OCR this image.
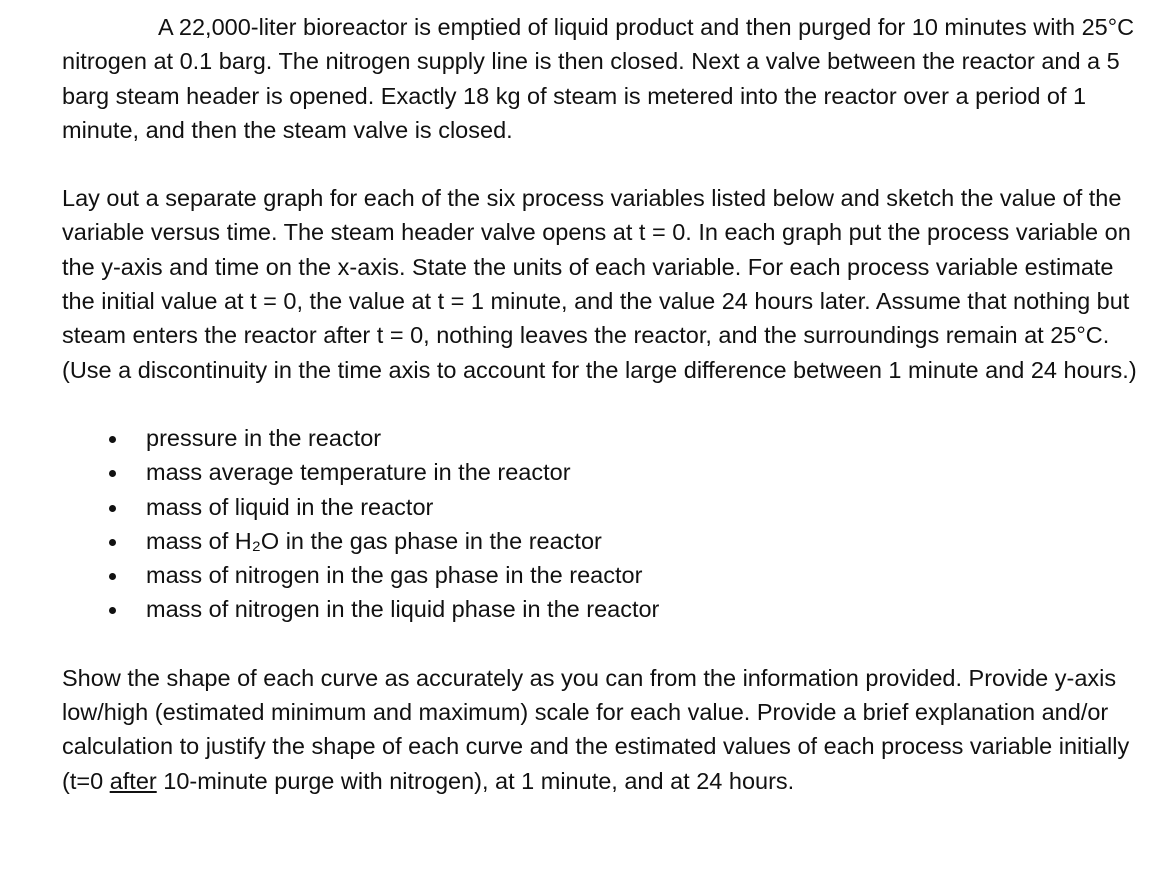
A 22,000-liter bioreactor is emptied of liquid product and then purged for 10 minutes with 25°C nitrogen at 0.1 barg. The nitrogen supply line is then closed. Next a valve between the reactor and a 5 barg steam header is opened. Exactly 18 kg of steam is metered into the reactor over a period of 1 minute, and then the steam valve is closed.

Lay out a separate graph for each of the six process variables listed below and sketch the value of the variable versus time. The steam header valve opens at t = 0. In each graph put the process variable on the y-axis and time on the x-axis. State the units of each variable. For each process variable estimate the initial value at t = 0, the value at t = 1 minute, and the value 24 hours later. Assume that nothing but steam enters the reactor after t = 0, nothing leaves the reactor, and the surroundings remain at 25°C. (Use a discontinuity in the time axis to account for the large difference between 1 minute and 24 hours.)

pressure in the reactor
mass average temperature in the reactor
mass of liquid in the reactor
mass of H₂O in the gas phase in the reactor
mass of nitrogen in the gas phase in the reactor
mass of nitrogen in the liquid phase in the reactor

Show the shape of each curve as accurately as you can from the information provided. Provide y-axis low/high (estimated minimum and maximum) scale for each value. Provide a brief explanation and/or calculation to justify the shape of each curve and the estimated values of each process variable initially (t=0 after 10-minute purge with nitrogen), at 1 minute, and at 24 hours.
